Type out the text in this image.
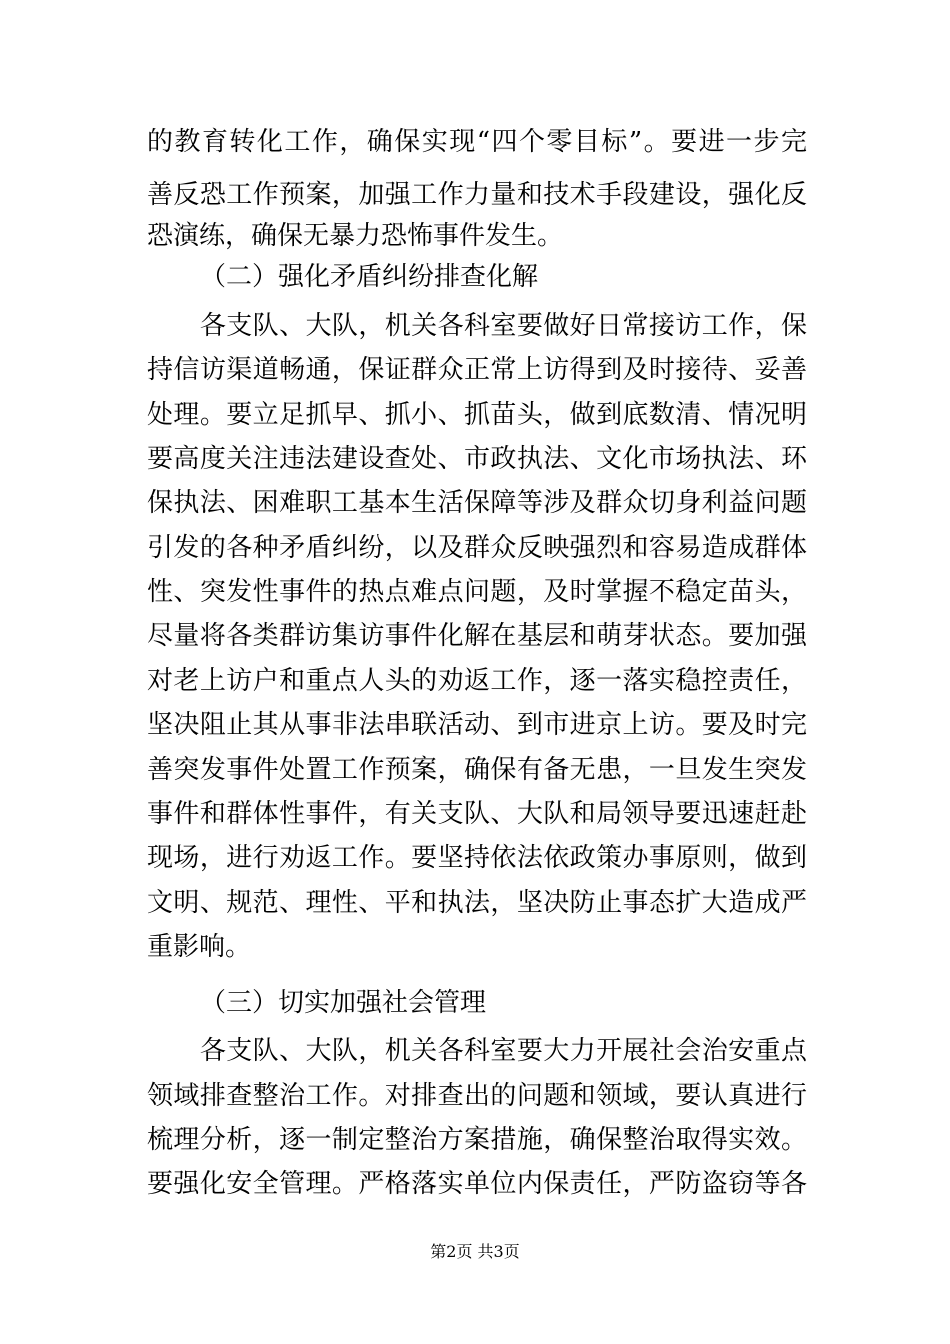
的教育转化工作，确保实现“四个零目标”。要进一步完
善反恐工作预案，加强工作力量和技术手段建设，强化反
恐演练，确保无暴力恐怖事件发生。
（二）强化矛盾纠纷排查化解
　　各支队、大队，机关各科室要做好日常接访工作，保
持信访渠道畅通，保证群众正常上访得到及时接待、妥善
处理。要立足抓早、抓小、抓苗头，做到底数清、情况明
要高度关注违法建设查处、市政执法、文化市场执法、环
保执法、困难职工基本生活保障等涉及群众切身利益问题
引发的各种矛盾纠纷，以及群众反映强烈和容易造成群体
性、突发性事件的热点难点问题，及时掌握不稳定苗头，
尽量将各类群访集访事件化解在基层和萌芽状态。要加强
对老上访户和重点人头的劝返工作，逐一落实稳控责任，
坚决阻止其从事非法串联活动、到市进京上访。要及时完
善突发事件处置工作预案，确保有备无患，一旦发生突发
事件和群体性事件，有关支队、大队和局领导要迅速赶赴
现场，进行劝返工作。要坚持依法依政策办事原则，做到
文明、规范、理性、平和执法，坚决防止事态扩大造成严
重影响。
（三）切实加强社会管理
　　各支队、大队，机关各科室要大力开展社会治安重点
领域排查整治工作。对排查出的问题和领域，要认真进行
梳理分析，逐一制定整治方案措施，确保整治取得实效。
要强化安全管理。严格落实单位内保责任，严防盗窃等各
第2页 共3页
